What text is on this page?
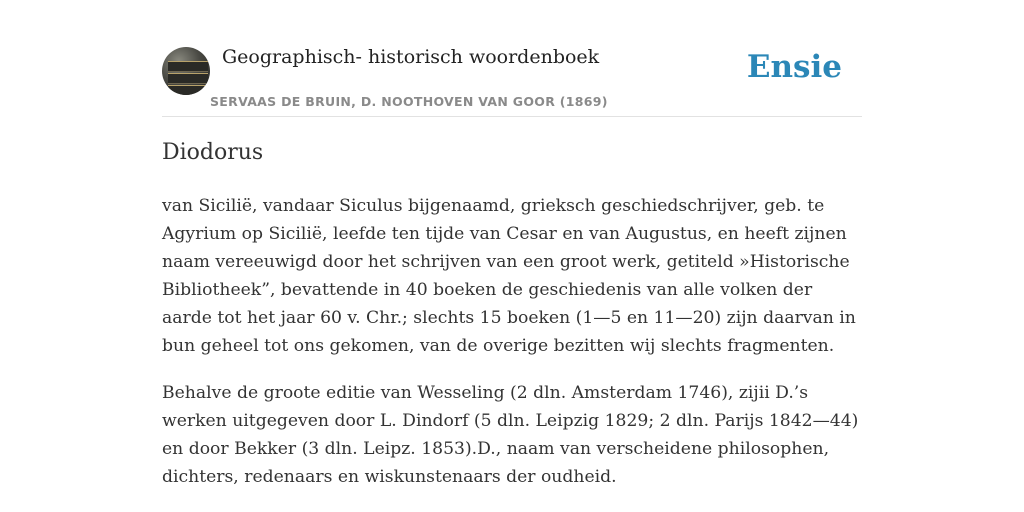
Geographisch- historisch woordenboek
SERVAAS DE BRUIN, D. NOOTHOVEN VAN GOOR (1869)
Ensie
Diodorus

van Sicilië, vandaar Siculus bijgenaamd, grieksch geschiedschrijver, geb. te Agyrium op Sicilië, leefde ten tijde van Cesar en van Augustus, en heeft zijnen naam vereeuwigd door het schrijven van een groot werk, getiteld »Historische Bibliotheek”, bevattende in 40 boeken de geschiedenis van alle volken der aarde tot het jaar 60 v. Chr.; slechts 15 boeken (1—5 en 11—20) zijn daarvan in bun geheel tot ons gekomen, van de overige bezitten wij slechts fragmenten.

Behalve de groote editie van Wesseling (2 dln. Amsterdam 1746), zijii D.’s werken uitgegeven door L. Dindorf (5 dln. Leipzig 1829; 2 dln. Parijs 1842—44) en door Bekker (3 dln. Leipz. 1853).D., naam van verscheidene philosophen, dichters, redenaars en wiskunstenaars der oudheid.
